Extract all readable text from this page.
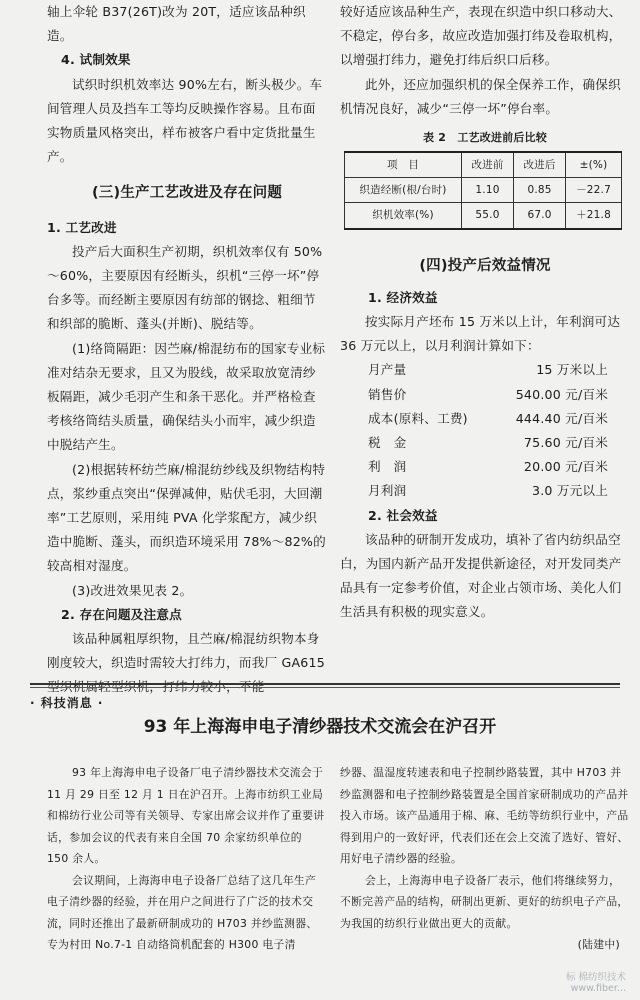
轴上伞轮 B37(26T)改为 20T，适应该品种织造。

4. 试制效果

试织时织机效率达 90%左右，断头极少。车间管理人员及挡车工等均反映操作容易。且布面实物质量风格突出，样布被客户看中定货批量生产。

(三)生产工艺改进及存在问题

1. 工艺改进

投产后大面积生产初期，织机效率仅有 50%～60%，主要原因有经断头，织机“三停一坏”停台多等。而经断主要原因有纺部的钢捻、粗细节和织部的脆断、蓬头(并断)、脱结等。

(1)络筒隔距：因苎麻/棉混纺布的国家专业标准对结杂无要求，且又为股线，故采取放宽清纱板隔距，减少毛羽产生和条干恶化。并严格检查考核络筒结头质量，确保结头小而牢，减少织造中脱结产生。

(2)根据转杯纺苎麻/棉混纺纱线及织物结构特点，浆纱重点突出“保弹减伸，贴伏毛羽，大回潮率”工艺原则，采用纯 PVA 化学浆配方，减少织造中脆断、蓬头，而织造环境采用 78%～82%的较高相对湿度。

(3)改进效果见表 2。

2. 存在问题及注意点

该品种属粗厚织物，且苎麻/棉混纺织物本身刚度较大，织造时需较大打纬力，而我厂 GA615 型织机属轻型织机，打纬力较小，不能

较好适应该品种生产，表现在织造中织口移动大、不稳定，停台多，故应改造加强打纬及卷取机构，以增强打纬力，避免打纬后织口后移。

此外，还应加强织机的保全保养工作，确保织机情况良好，减少“三停一坏”停台率。

表 2　工艺改进前后比较
项　目	改进前	改进后	±(%)
织造经断(根/台时)	1.10	0.85	－22.7
织机效率(%)	55.0	67.0	＋21.8

(四)投产后效益情况

1. 经济效益

按实际月产坯布 15 万米以上计，年利润可达 36 万元以上，以月利润计算如下：

月产量	15 万米以上
销售价	540.00 元/百米
成本(原料、工费)	444.40 元/百米
税　金	75.60 元/百米
利　润	20.00 元/百米
月利润	3.0 万元以上

2. 社会效益

该品种的研制开发成功，填补了省内纺织品空白，为国内新产品开发提供新途径，对开发同类产品具有一定参考价值，对企业占领市场、美化人们生活具有积极的现实意义。

· 科技消息 ·
93 年上海海申电子清纱器技术交流会在沪召开

93 年上海海申电子设备厂电子清纱器技术交流会于 11 月 29 日至 12 月 1 日在沪召开。上海市纺织工业局和棉纺行业公司等有关领导、专家出席会议并作了重要讲话，参加会议的代表有来自全国 70 余家纺织单位的 150 余人。

会议期间，上海海申电子设备厂总结了这几年生产电子清纱器的经验，并在用户之间进行了广泛的技术交流，同时还推出了最新研制成功的 H703 并纱监测器、专为村田 No.7-1 自动络筒机配套的 H300 电子清

纱器、温湿度转速表和电子控制纱路装置，其中 H703 并纱监测器和电子控制纱路装置是全国首家研制成功的产品并投入市场。该产品通用于棉、麻、毛纺等纺织行业中，产品得到用户的一致好评，代表们还在会上交流了选好、管好、用好电子清纱器的经验。

会上，上海海申电子设备厂表示，他们将继续努力，不断完善产品的结构，研制出更新、更好的纺织电子产品，为我国的纺织行业做出更大的贡献。

(陆建中)

标 棉纺织技术
www.fiber...
